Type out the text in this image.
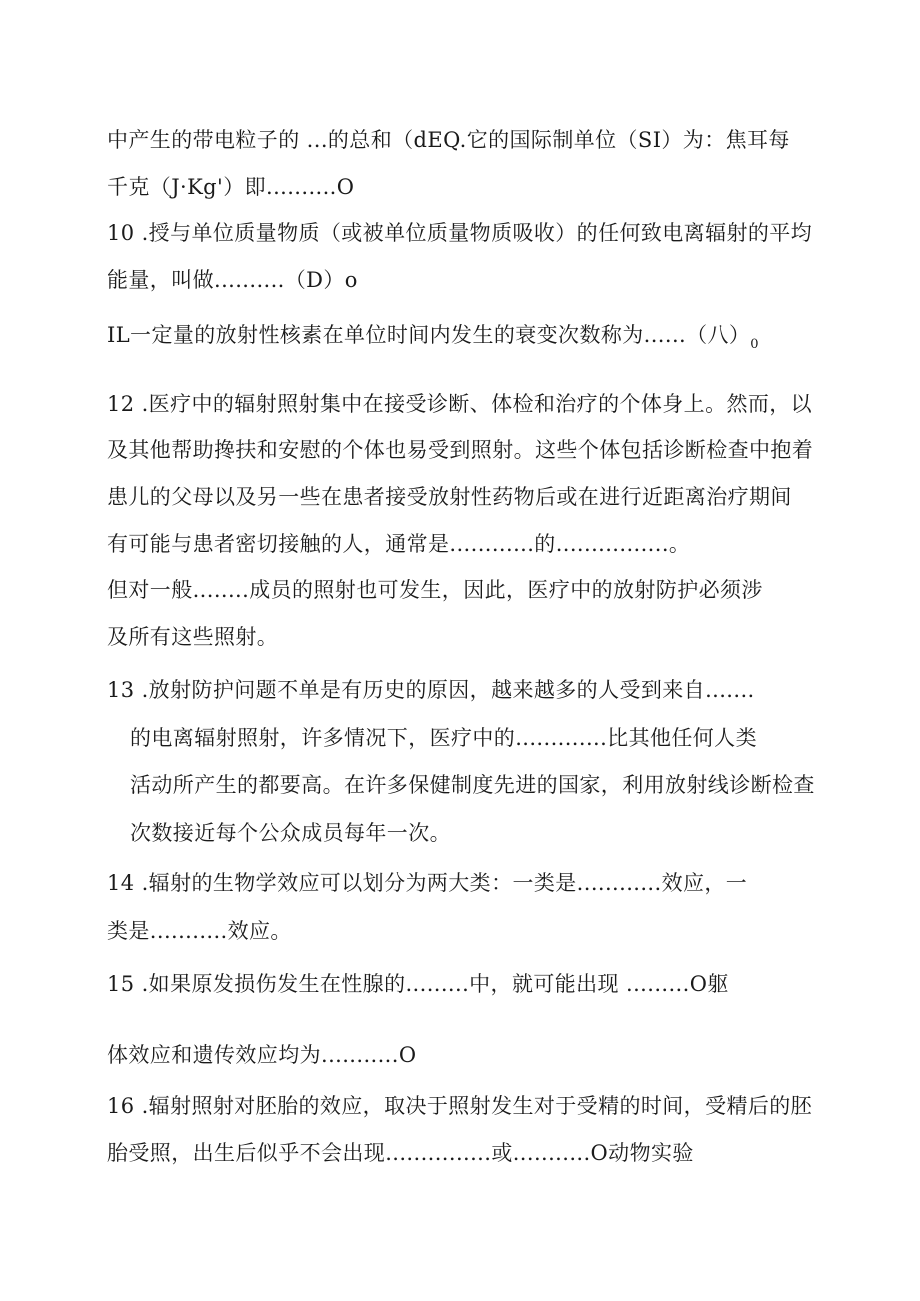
中产生的带电粒子的 ...的总和（dEQ.它的国际制单位（SI）为：焦耳每
千克（J·Kg'）即..........O
10 .授与单位质量物质（或被单位质量物质吸收）的任何致电离辐射的平均
能量，叫做..........（D）o
IL一定量的放射性核素在单位时间内发生的衰变次数称为......（八）$_0$
12 .医疗中的辐射照射集中在接受诊断、体检和治疗的个体身上。然而，以
及其他帮助搀扶和安慰的个体也易受到照射。这些个体包括诊断检查中抱着
患儿的父母以及另一些在患者接受放射性药物后或在进行近距离治疗期间
有可能与患者密切接触的人，通常是............的................。
但对一般........成员的照射也可发生，因此，医疗中的放射防护必须涉
及所有这些照射。
13 .放射防护问题不单是有历史的原因，越来越多的人受到来自.......
的电离辐射照射，许多情况下，医疗中的.............比其他任何人类
活动所产生的都要高。在许多保健制度先进的国家，利用放射线诊断检查
次数接近每个公众成员每年一次。
14 .辐射的生物学效应可以划分为两大类：一类是............效应，一
类是...........效应。
15 .如果原发损伤发生在性腺的.........中，就可能出现 .........O躯
体效应和遗传效应均为...........O
16 .辐射照射对胚胎的效应，取决于照射发生对于受精的时间，受精后的胚
胎受照，出生后似乎不会出现...............或...........O动物实验
